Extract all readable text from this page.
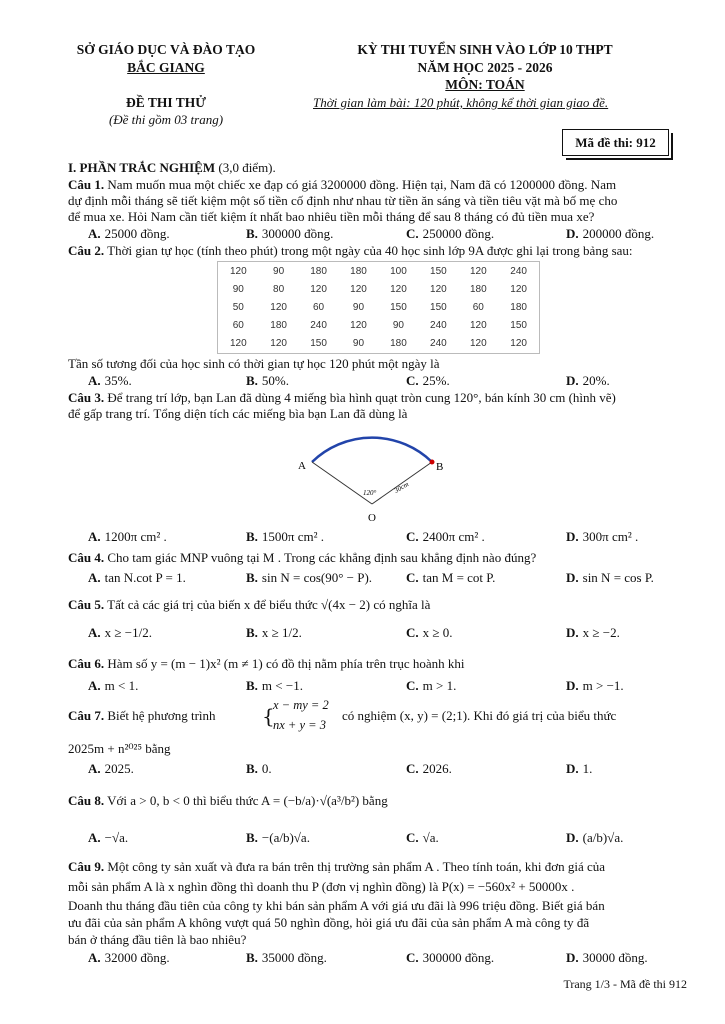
SỞ GIÁO DỤC VÀ ĐÀO TẠO
BẮC GIANG
KỲ THI TUYỂN SINH VÀO LỚP 10 THPT
NĂM HỌC 2025 - 2026
MÔN: TOÁN
ĐỀ THI THỬ
(Đề thi gồm 03 trang)
Thời gian làm bài: 120 phút, không kể thời gian giao đề.
Mã đề thi: 912
I. PHẦN TRẮC NGHIỆM (3,0 điểm).
Câu 1. Nam muốn mua một chiếc xe đạp có giá 3200000 đồng. Hiện tại, Nam đã có 1200000 đồng. Nam
dự định mỗi tháng sẽ tiết kiệm một số tiền cố định như nhau từ tiền ăn sáng và tiền tiêu vặt mà bố mẹ cho
để mua xe. Hỏi Nam cần tiết kiệm ít nhất bao nhiêu tiền mỗi tháng để sau 8 tháng có đủ tiền mua xe?
A. 25000 đồng.	B. 300000 đồng.	C. 250000 đồng.	D. 200000 đồng.
Câu 2. Thời gian tự học (tính theo phút) trong một ngày của 40 học sinh lớp 9A được ghi lại trong bảng sau:
120	90	180	180	100	150	120	240
90	80	120	120	120	120	180	120
50	120	60	90	150	150	60	180
60	180	240	120	90	240	120	150
120	120	150	90	180	240	120	120
Tần số tương đối của học sinh có thời gian tự học 120 phút một ngày là
A. 35%.	B. 50%.	C. 25%.	D. 20%.
Câu 3. Để trang trí lớp, bạn Lan đã dùng 4 miếng bìa hình quạt tròn cung 120°, bán kính 30 cm (hình vẽ)
để gấp trang trí. Tổng diện tích các miếng bìa bạn Lan đã dùng là
A	B
O
120° 30cm
A. 1200π cm² .	B. 1500π cm² .	C. 2400π cm² .	D. 300π cm² .
Câu 4. Cho tam giác MNP vuông tại M . Trong các khẳng định sau khẳng định nào đúng?
A. tan N.cot P = 1.	B. sin N = cos(90° − P).	C. tan M = cot P.	D. sin N = cos P.
Câu 5. Tất cả các giá trị của biến x để biểu thức √(4x − 2) có nghĩa là
A. x ≥ −1/2.	B. x ≥ 1/2.	C. x ≥ 0.	D. x ≥ −2.
Câu 6. Hàm số y = (m − 1)x² (m ≠ 1) có đồ thị nằm phía trên trục hoành khi
A. m < 1.	B. m < −1.	C. m > 1.	D. m > −1.
Câu 7. Biết hệ phương trình	{
x − my = 2
nx + y = 3
có nghiệm (x, y) = (2;1). Khi đó giá trị của biểu thức
2025m + n²⁰²⁵ bằng
A. 2025.	B. 0.	C. 2026.	D. 1.
Câu 8. Với a > 0, b < 0 thì biểu thức A = (−b/a)·√(a³/b²) bằng
A. −√a.	B. −(a/b)√a.	C. √a.	D. (a/b)√a.
Câu 9. Một công ty sản xuất và đưa ra bán trên thị trường sản phẩm A . Theo tính toán, khi đơn giá của
mỗi sản phẩm A là x nghìn đồng thì doanh thu P (đơn vị nghìn đồng) là P(x) = −560x² + 50000x .
Doanh thu tháng đầu tiên của công ty khi bán sản phẩm A với giá ưu đãi là 996 triệu đồng. Biết giá bán
ưu đãi của sản phẩm A không vượt quá 50 nghìn đồng, hỏi giá ưu đãi của sản phẩm A mà công ty đã
bán ở tháng đầu tiên là bao nhiêu?
A. 32000 đồng.	B. 35000 đồng.	C. 300000 đồng.	D. 30000 đồng.
Trang 1/3 - Mã đề thi 912
